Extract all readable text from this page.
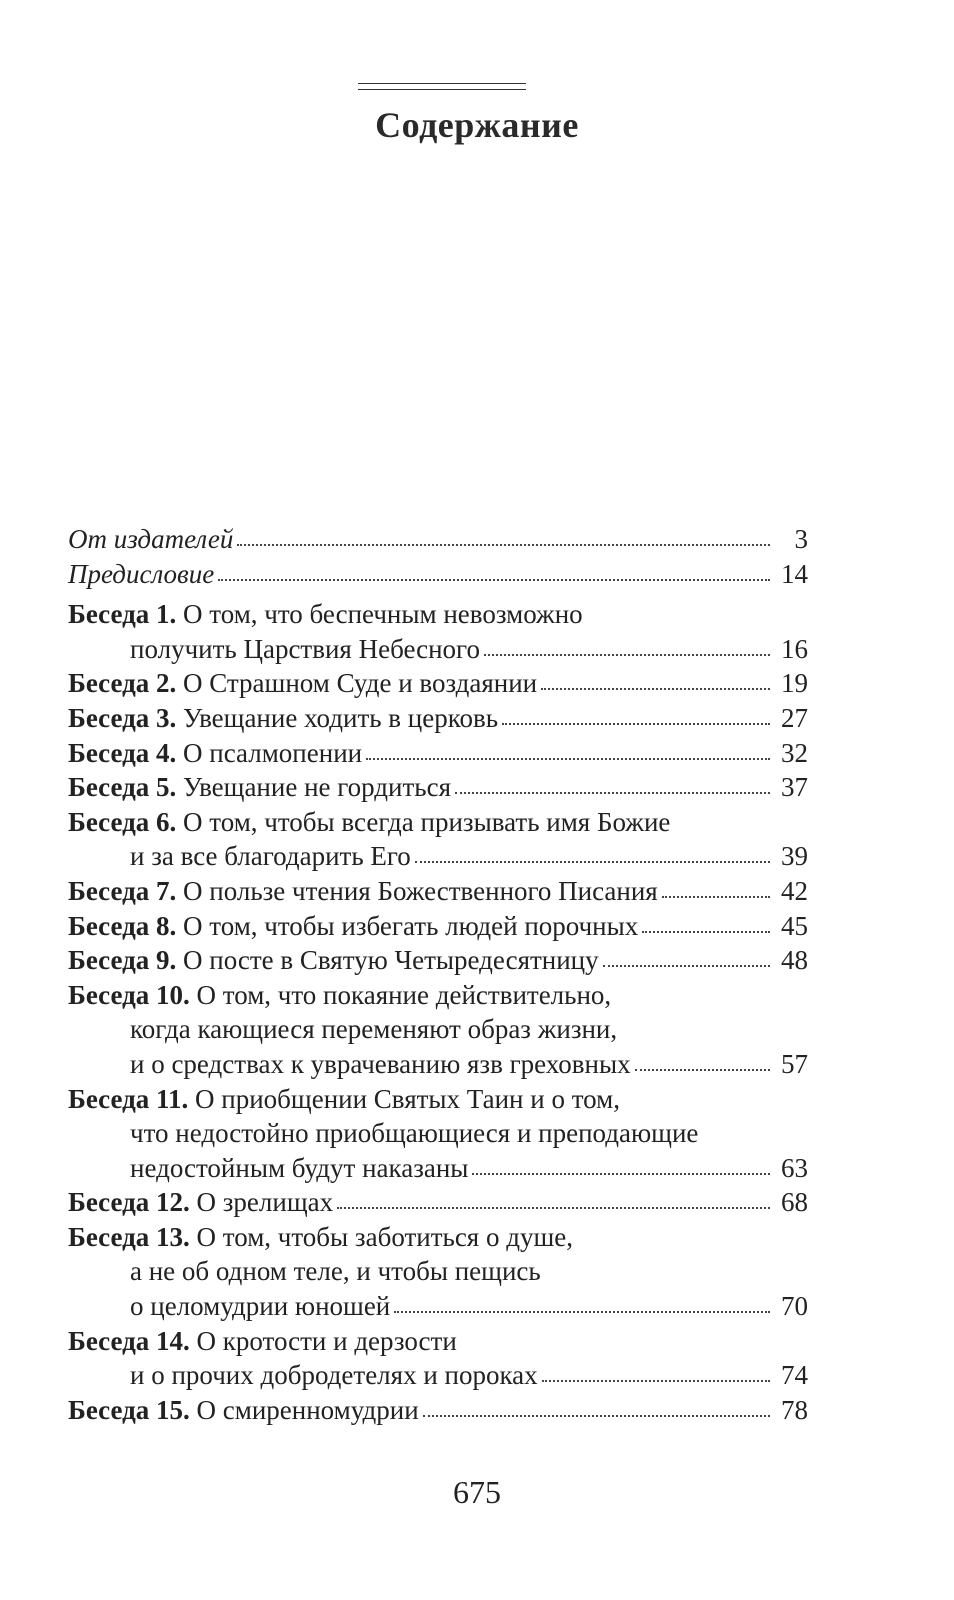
Содержание
От издателей	3
Предисловие	14
Беседа 1. О том, что беспечным невозможно
получить Царствия Небесного	16
Беседа 2. О Страшном Суде и воздаянии	19
Беседа 3. Увещание ходить в церковь	27
Беседа 4. О псалмопении	32
Беседа 5. Увещание не гордиться	37
Беседа 6. О том, чтобы всегда призывать имя Божие
и за все благодарить Его	39
Беседа 7. О пользе чтения Божественного Писания	42
Беседа 8. О том, чтобы избегать людей порочных	45
Беседа 9. О посте в Святую Четыредесятницу	48
Беседа 10. О том, что покаяние действительно,
когда кающиеся переменяют образ жизни,
и о средствах к уврачеванию язв греховных	57
Беседа 11. О приобщении Святых Таин и о том,
что недостойно приобщающиеся и преподающие
недостойным будут наказаны	63
Беседа 12. О зрелищах	68
Беседа 13. О том, чтобы заботиться о душе,
а не об одном теле, и чтобы пещись
о целомудрии юношей	70
Беседа 14. О кротости и дерзости
и о прочих добродетелях и пороках	74
Беседа 15. О смиренномудрии	78
675
